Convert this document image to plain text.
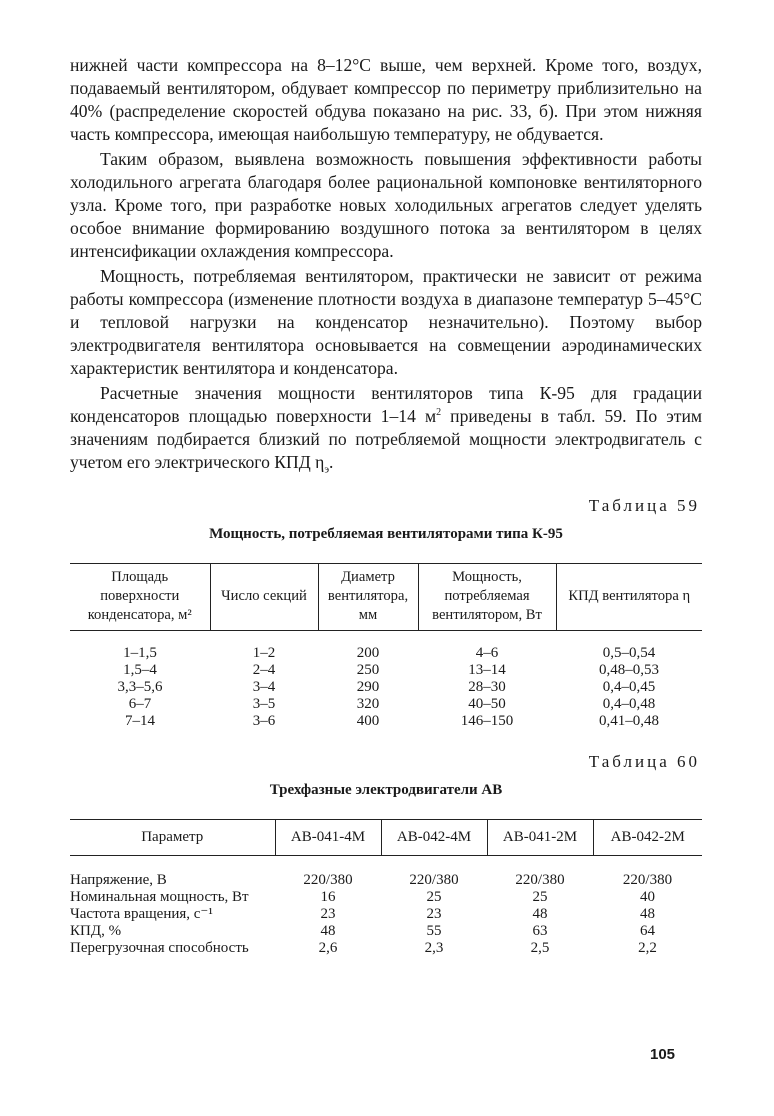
нижней части компрессора на 8–12°С выше, чем верхней. Кроме того, воздух, подаваемый вентилятором, обдувает компрессор по периметру приблизительно на 40% (распределение скоростей обдува показано на рис. 33, б). При этом нижняя часть компрессора, имеющая наибольшую температуру, не обдувается.

Таким образом, выявлена возможность повышения эффективности работы холодильного агрегата благодаря более рациональной компоновке вентиляторного узла. Кроме того, при разработке новых холодильных агрегатов следует уделять особое внимание формированию воздушного потока за вентилятором в целях интенсификации охлаждения компрессора.

Мощность, потребляемая вентилятором, практически не зависит от режима работы компрессора (изменение плотности воздуха в диапазоне температур 5–45°С и тепловой нагрузки на конденсатор незначительно). Поэтому выбор электродвигателя вентилятора основывается на совмещении аэродинамических характеристик вентилятора и конденсатора.

Расчетные значения мощности вентиляторов типа К-95 для градации конденсаторов площадью поверхности 1–14 $м^2$ приведены в табл. 59. По этим значениям подбирается близкий по потребляемой мощности электродвигатель с учетом его электрического КПД $\eta_э$.

Таблица 59
Мощность, потребляемая вентиляторами типа К-95
Площадь поверхности конденсатора, м²	Число секций	Диаметр вентилятора, мм	Мощность, потребляемая вентилятором, Вт	КПД вентилятора η
1–1,5	1–2	200	4–6	0,5–0,54
1,5–4	2–4	250	13–14	0,48–0,53
3,3–5,6	3–4	290	28–30	0,4–0,45
6–7	3–5	320	40–50	0,4–0,48
7–14	3–6	400	146–150	0,41–0,48
Таблица 60
Трехфазные электродвигатели АВ
Параметр	АВ-041-4М	АВ-042-4М	АВ-041-2М	АВ-042-2М
Напряжение, В	220/380	220/380	220/380	220/380
Номинальная мощность, Вт	16	25	25	40
Частота вращения, с⁻¹	23	23	48	48
КПД, %	48	55	63	64
Перегрузочная способность	2,6	2,3	2,5	2,2
105
